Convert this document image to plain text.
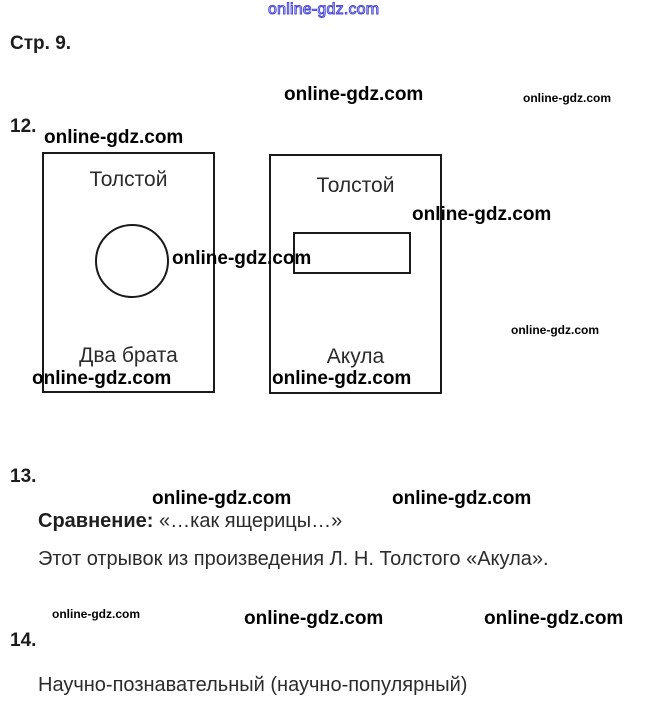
online-gdz.com
Стр. 9.
online-gdz.com	online-gdz.com
12.
online-gdz.com
Толстой
Два брата
Толстой
Акула
online-gdz.com
online-gdz.com
online-gdz.com
online-gdz.com	online-gdz.com
13.
online-gdz.com	online-gdz.com
Сравнение: «…как ящерицы…»
Этот отрывок из произведения Л. Н. Толстого «Акула».
online-gdz.com	online-gdz.com	online-gdz.com
14.
Научно-познавательный (научно-популярный)
